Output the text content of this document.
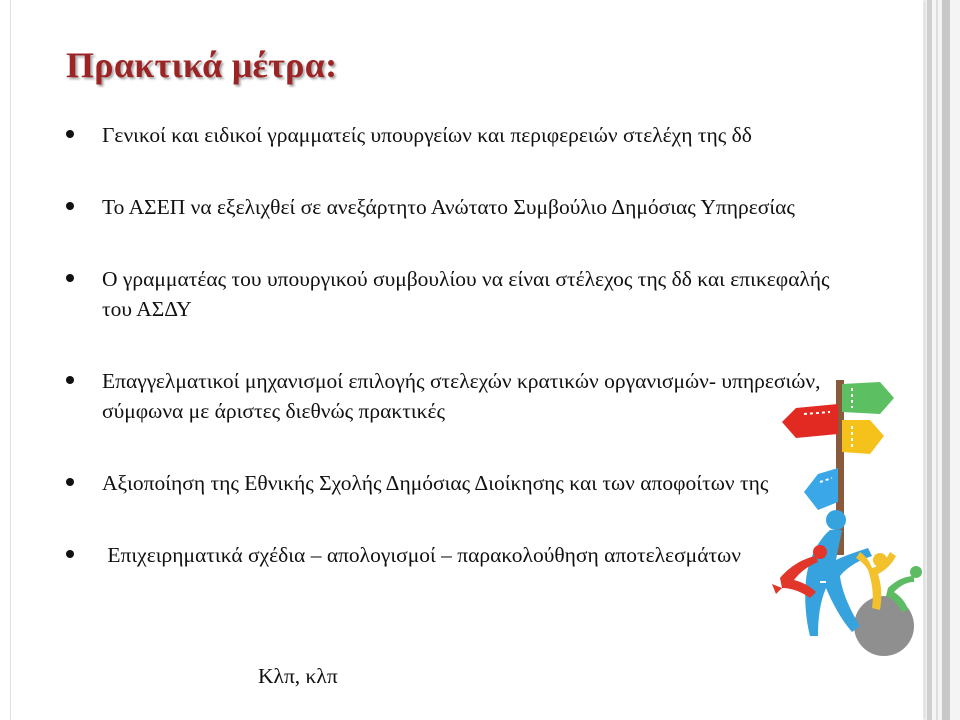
Πρακτικά μέτρα:
Γενικοί και ειδικοί γραμματείς υπουργείων και περιφερειών στελέχη της δδ
Το ΑΣΕΠ να εξελιχθεί σε ανεξάρτητο Ανώτατο Συμβούλιο Δημόσιας Υπηρεσίας
Ο γραμματέας του υπουργικού συμβουλίου να είναι στέλεχος της δδ και επικεφαλής του ΑΣΔΥ
Επαγγελματικοί μηχανισμοί επιλογής στελεχών κρατικών οργανισμών- υπηρεσιών, σύμφωνα με άριστες διεθνώς πρακτικές
Αξιοποίηση της Εθνικής Σχολής Δημόσιας Διοίκησης και των αποφοίτων της
Επιχειρηματικά σχέδια – απολογισμοί – παρακολούθηση αποτελεσμάτων
Κλπ, κλπ
